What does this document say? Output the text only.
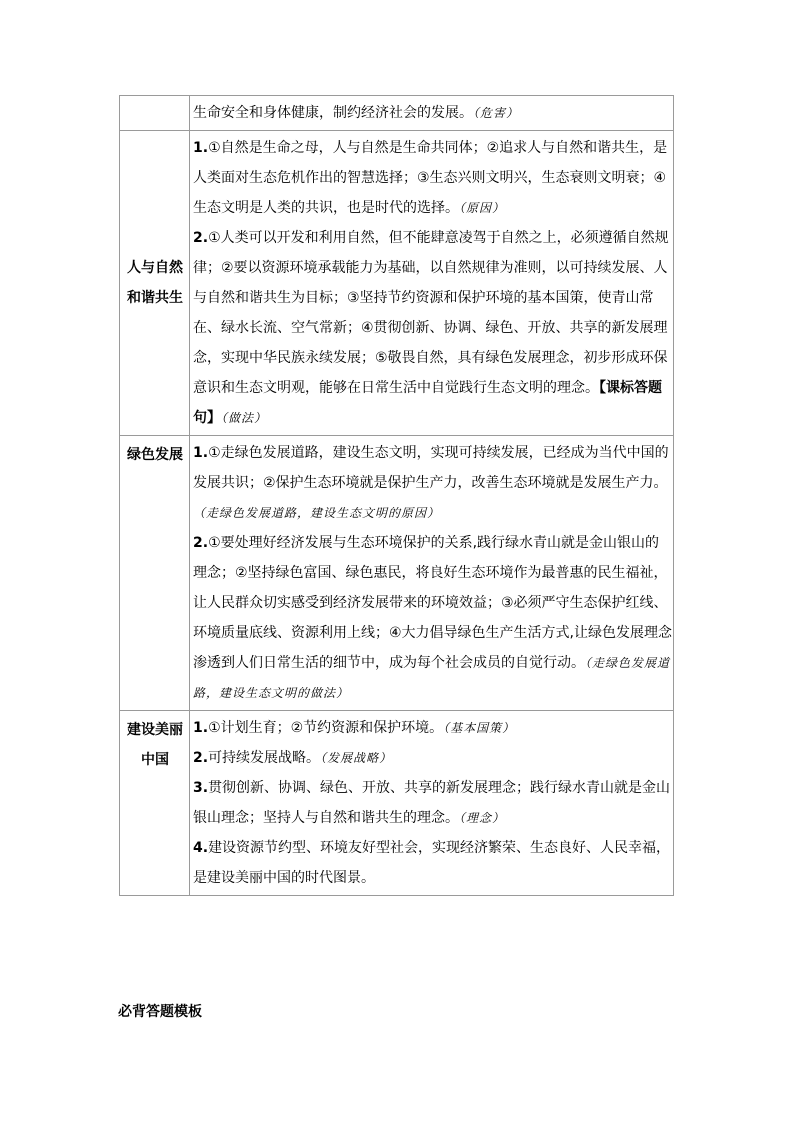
	生命安全和身体健康，制约经济社会的发展。（危害）

人与自然和谐共生	1.①自然是生命之母，人与自然是生命共同体；②追求人与自然和谐共生，是人类面对生态危机作出的智慧选择；③生态兴则文明兴，生态衰则文明衰；④生态文明是人类的共识，也是时代的选择。（原因）
2.①人类可以开发和利用自然，但不能肆意凌驾于自然之上，必须遵循自然规律；②要以资源环境承载能力为基础，以自然规律为准则，以可持续发展、人与自然和谐共生为目标；③坚持节约资源和保护环境的基本国策，使青山常在、绿水长流、空气常新；④贯彻创新、协调、绿色、开放、共享的新发展理念，实现中华民族永续发展；⑤敬畏自然，具有绿色发展理念，初步形成环保意识和生态文明观，能够在日常生活中自觉践行生态文明的理念。【课标答题句】（做法）

绿色发展	1.①走绿色发展道路，建设生态文明，实现可持续发展，已经成为当代中国的发展共识；②保护生态环境就是保护生产力，改善生态环境就是发展生产力。（走绿色发展道路，建设生态文明的原因）
2.①要处理好经济发展与生态环境保护的关系,践行绿水青山就是金山银山的理念；②坚持绿色富国、绿色惠民，将良好生态环境作为最普惠的民生福祉，让人民群众切实感受到经济发展带来的环境效益；③必须严守生态保护红线、环境质量底线、资源利用上线；④大力倡导绿色生产生活方式,让绿色发展理念渗透到人们日常生活的细节中，成为每个社会成员的自觉行动。（走绿色发展道路，建设生态文明的做法）

建设美丽中国	1.①计划生育；②节约资源和保护环境。（基本国策）
2.可持续发展战略。（发展战略）
3.贯彻创新、协调、绿色、开放、共享的新发展理念；践行绿水青山就是金山银山理念；坚持人与自然和谐共生的理念。（理念）
4.建设资源节约型、环境友好型社会，实现经济繁荣、生态良好、人民幸福，是建设美丽中国的时代图景。
必背答题模板
